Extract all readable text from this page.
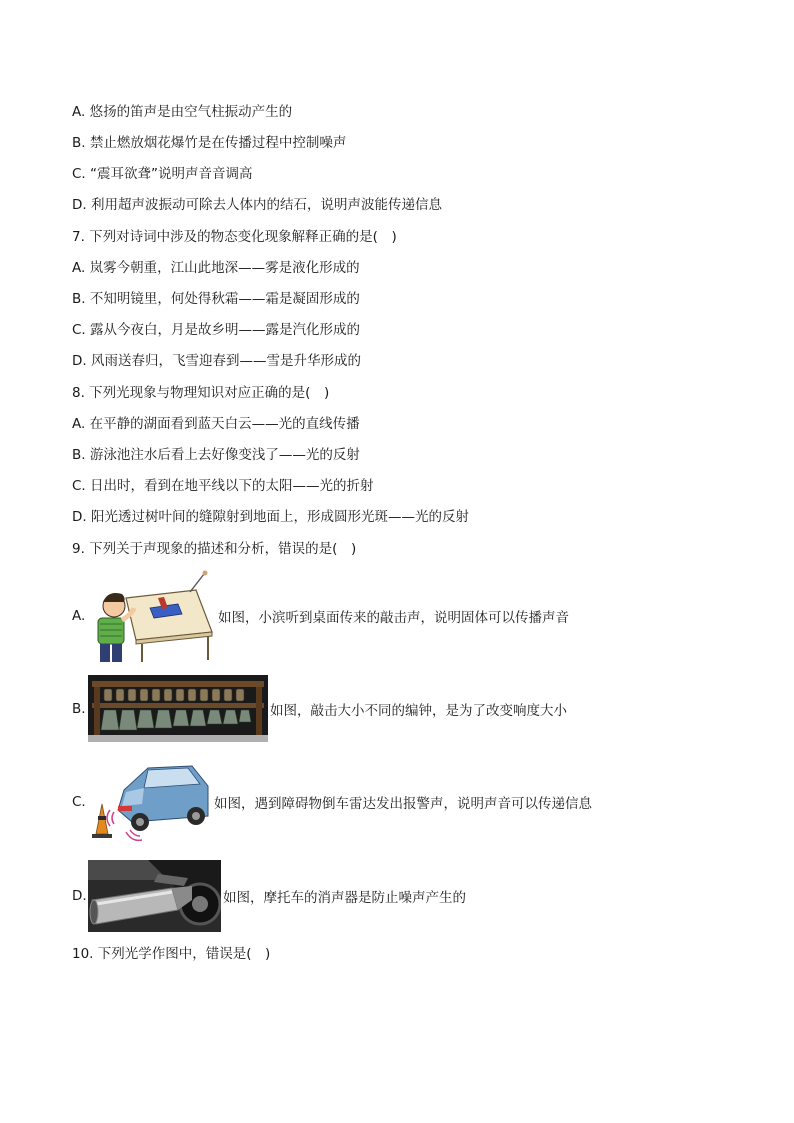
A. 悠扬的笛声是由空气柱振动产生的
B. 禁止燃放烟花爆竹是在传播过程中控制噪声
C. “震耳欲聋”说明声音音调高
D. 利用超声波振动可除去人体内的结石，说明声波能传递信息
7. 下列对诗词中涉及的物态变化现象解释正确的是(　)
A. 岚雾今朝重，江山此地深——雾是液化形成的
B. 不知明镜里，何处得秋霜——霜是凝固形成的
C. 露从今夜白，月是故乡明——露是汽化形成的
D. 风雨送春归，飞雪迎春到——雪是升华形成的
8. 下列光现象与物理知识对应正确的是(　)
A. 在平静的湖面看到蓝天白云——光的直线传播
B. 游泳池注水后看上去好像变浅了——光的反射
C. 日出时，看到在地平线以下的太阳——光的折射
D. 阳光透过树叶间的缝隙射到地面上，形成圆形光斑——光的反射
9. 下列关于声现象的描述和分析，错误的是(　)
A.	如图，小滨听到桌面传来的敲击声，说明固体可以传播声音
B.	如图，敲击大小不同的编钟，是为了改变响度大小
C.	如图，遇到障碍物倒车雷达发出报警声，说明声音可以传递信息
D.	如图，摩托车的消声器是防止噪声产生的
10. 下列光学作图中，错误是(　)
